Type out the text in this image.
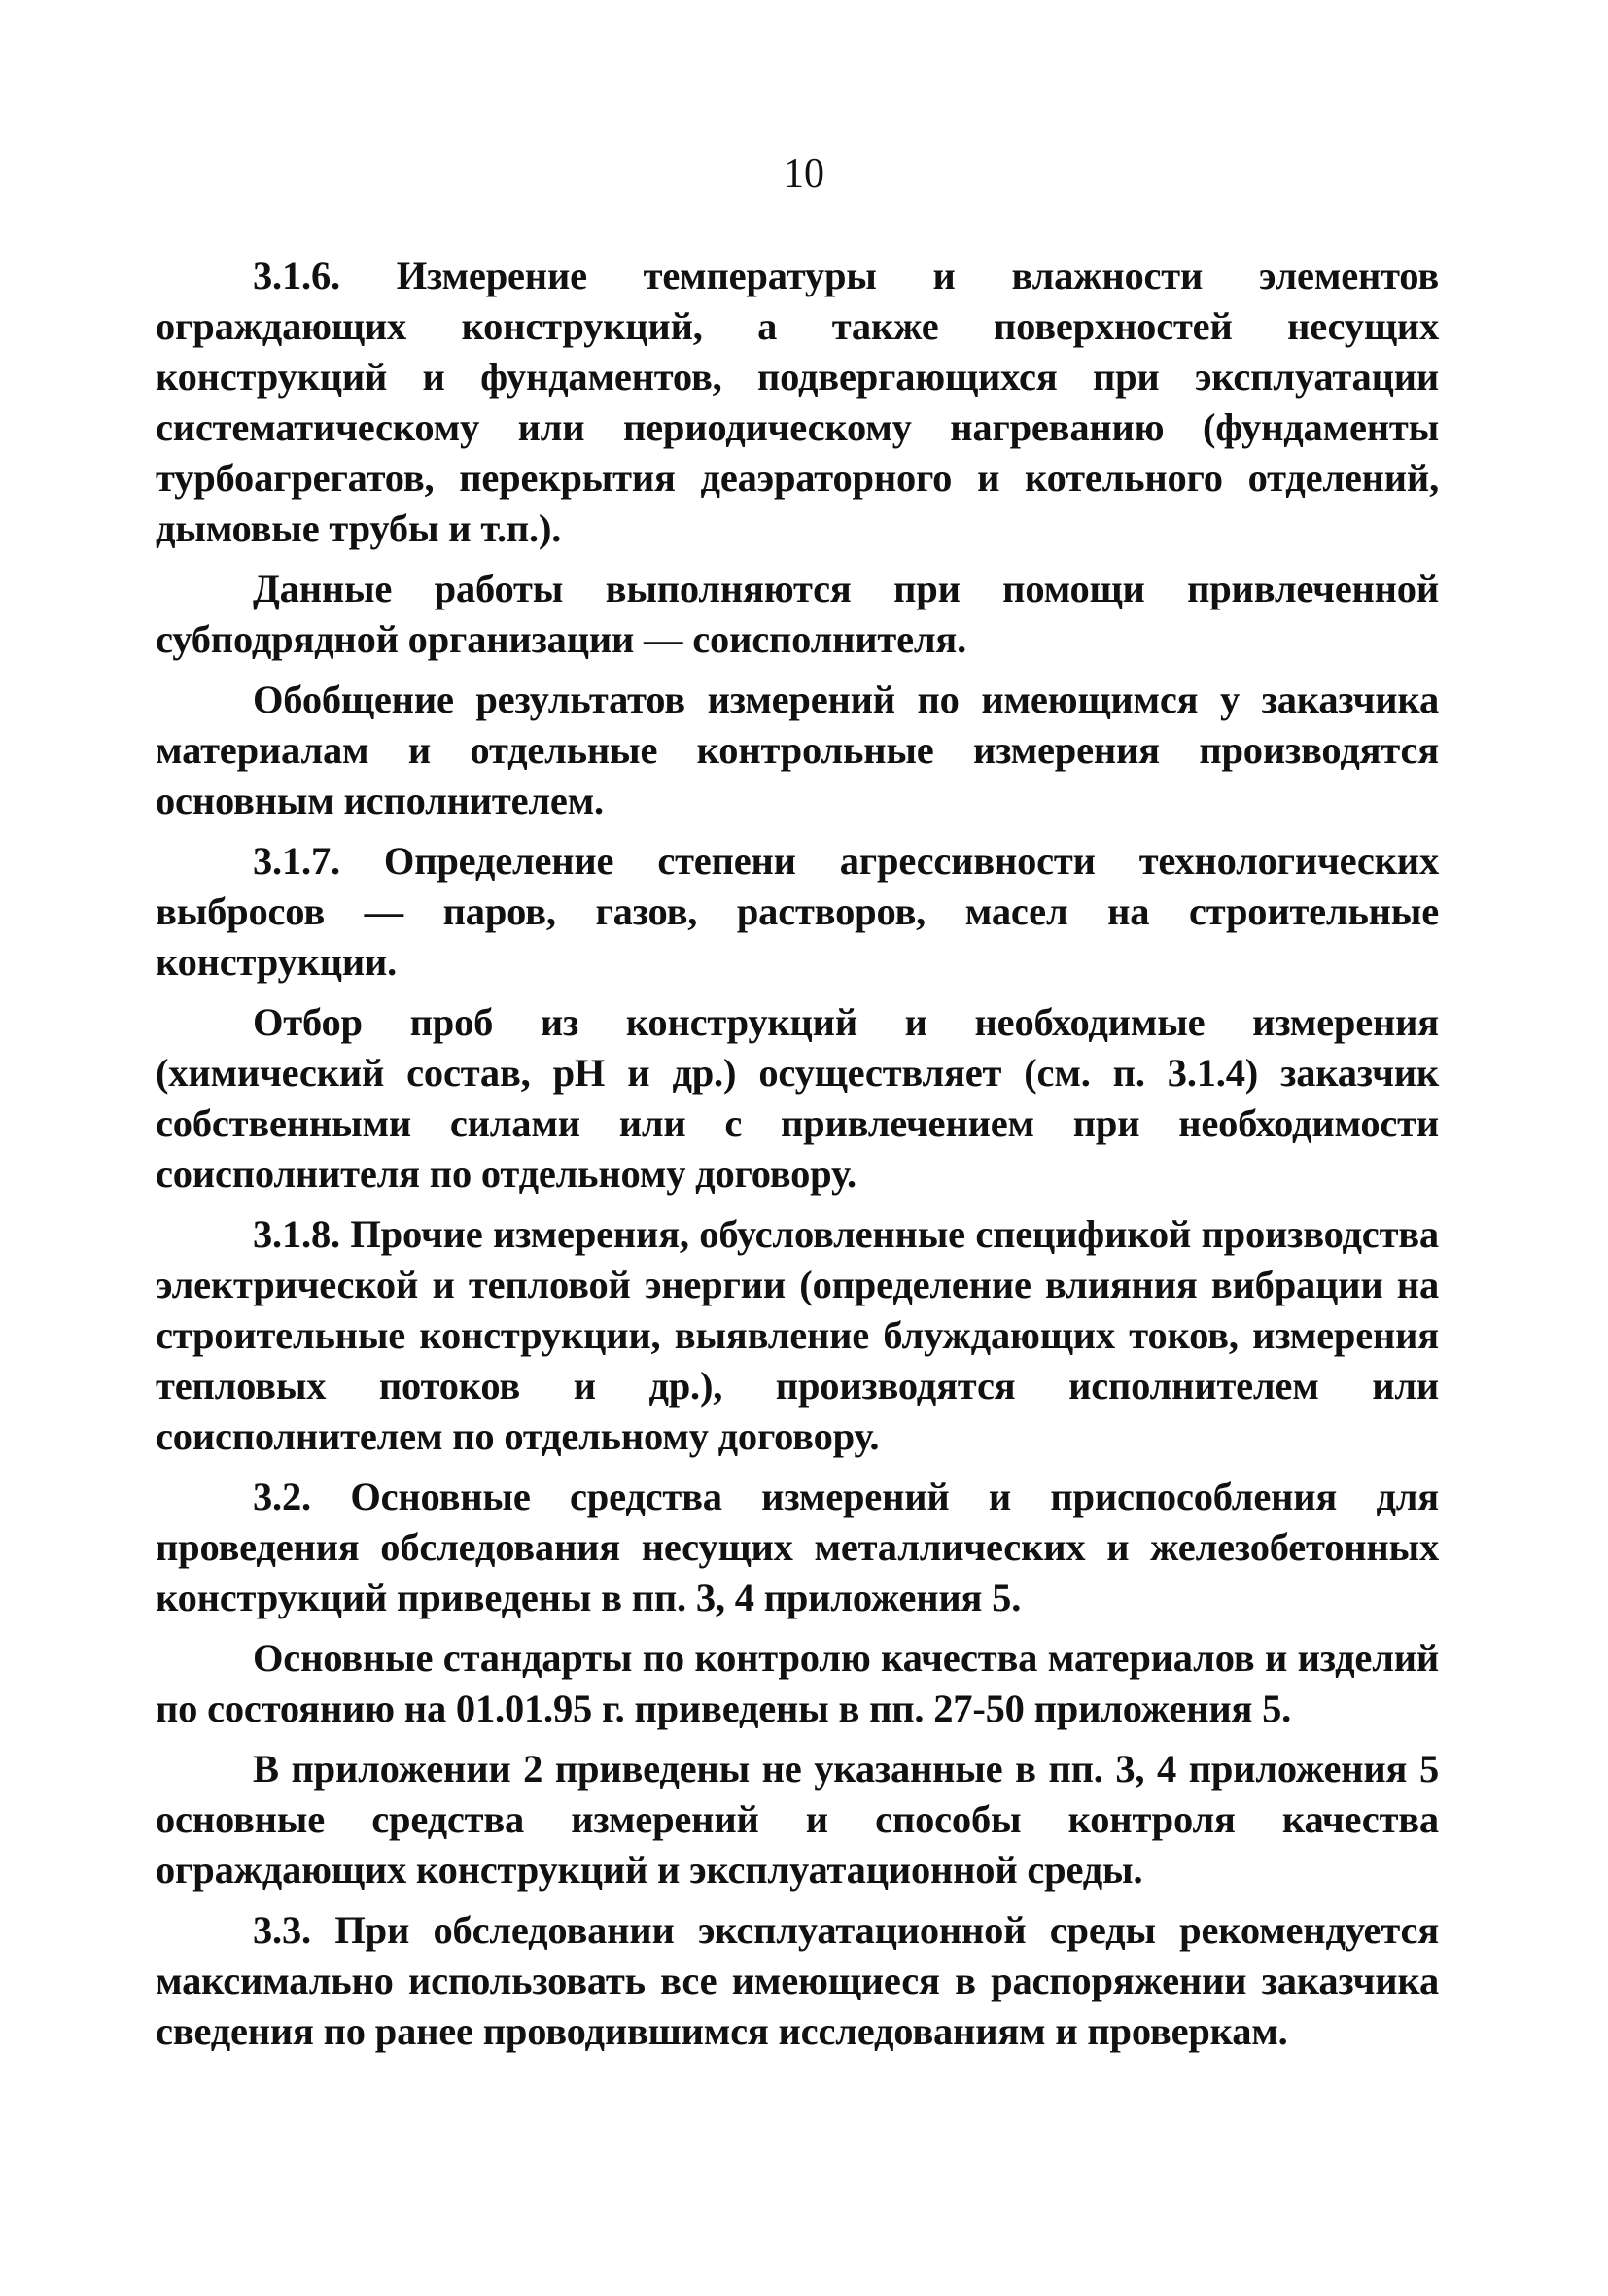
10

3.1.6. Измерение температуры и влажности элементов ограждающих конструкций, а также поверхностей несущих конструкций и фундаментов, подвергающихся при эксплуатации систематическому или периодическому нагреванию (фундаменты турбоагрегатов, перекрытия деаэраторного и котельного отделений, дымовые трубы и т.п.).

Данные работы выполняются при помощи привлеченной субподрядной организации — соисполнителя.

Обобщение результатов измерений по имеющимся у заказчика материалам и отдельные контрольные измерения производятся основным исполнителем.

3.1.7. Определение степени агрессивности технологических выбросов — паров, газов, растворов, масел на строительные конструкции.

Отбор проб из конструкций и необходимые измерения (химический состав, pH и др.) осуществляет (см. п. 3.1.4) заказчик собственными силами или с привлечением при необходимости соисполнителя по отдельному договору.

3.1.8. Прочие измерения, обусловленные спецификой производства электрической и тепловой энергии (определение влияния вибрации на строительные конструкции, выявление блуждающих токов, измерения тепловых потоков и др.), производятся исполнителем или соисполнителем по отдельному договору.

3.2. Основные средства измерений и приспособления для проведения обследования несущих металлических и железобетонных конструкций приведены в пп. 3, 4 приложения 5.

Основные стандарты по контролю качества материалов и изделий по состоянию на 01.01.95 г. приведены в пп. 27-50 приложения 5.

В приложении 2 приведены не указанные в пп. 3, 4 приложения 5 основные средства измерений и способы контроля качества ограждающих конструкций и эксплуатационной среды.

3.3. При обследовании эксплуатационной среды рекомендуется максимально использовать все имеющиеся в распоряжении заказчика сведения по ранее проводившимся исследованиям и проверкам.
